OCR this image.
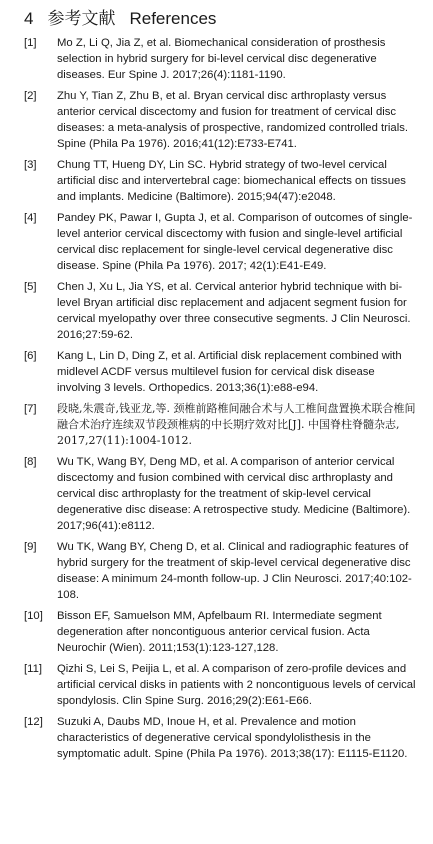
4 参考文献 References
[1]	Mo Z, Li Q, Jia Z, et al. Biomechanical consideration of prosthesis selection in hybrid surgery for bi-level cervical disc degenerative diseases. Eur Spine J. 2017;26(4):1181-1190.
[2]	Zhu Y, Tian Z, Zhu B, et al. Bryan cervical disc arthroplasty versus anterior cervical discectomy and fusion for treatment of cervical disc diseases: a meta-analysis of prospective, randomized controlled trials. Spine (Phila Pa 1976). 2016;41(12):E733-E741.
[3]	Chung TT, Hueng DY, Lin SC. Hybrid strategy of two-level cervical artificial disc and intervertebral cage: biomechanical effects on tissues and implants. Medicine (Baltimore). 2015;94(47):e2048.
[4]	Pandey PK, Pawar I, Gupta J, et al. Comparison of outcomes of single-level anterior cervical discectomy with fusion and single-level artificial cervical disc replacement for single-level cervical degenerative disc disease. Spine (Phila Pa 1976). 2017; 42(1):E41-E49.
[5]	Chen J, Xu L, Jia YS, et al. Cervical anterior hybrid technique with bi-level Bryan artificial disc replacement and adjacent segment fusion for cervical myelopathy over three consecutive segments. J Clin Neurosci. 2016;27:59-62.
[6]	Kang L, Lin D, Ding Z, et al. Artificial disk replacement combined with midlevel ACDF versus multilevel fusion for cervical disk disease involving 3 levels. Orthopedics. 2013;36(1):e88-e94.
[7]	段晓,朱震奇,钱亚龙,等. 颈椎前路椎间融合术与人工椎间盘置换术联合椎间融合术治疗连续双节段颈椎病的中长期疗效对比[J]. 中国脊柱脊髓杂志, 2017,27(11):1004-1012.
[8]	Wu TK, Wang BY, Deng MD, et al. A comparison of anterior cervical discectomy and fusion combined with cervical disc arthroplasty and cervical disc arthroplasty for the treatment of skip-level cervical degenerative disc disease: A retrospective study. Medicine (Baltimore). 2017;96(41):e8112.
[9]	Wu TK, Wang BY, Cheng D, et al. Clinical and radiographic features of hybrid surgery for the treatment of skip-level cervical degenerative disc disease: A minimum 24-month follow-up. J Clin Neurosci. 2017;40:102-108.
[10]	Bisson EF, Samuelson MM, Apfelbaum RI. Intermediate segment degeneration after noncontiguous anterior cervical fusion. Acta Neurochir (Wien). 2011;153(1):123-127,128.
[11]	Qizhi S, Lei S, Peijia L, et al. A comparison of zero-profile devices and artificial cervical disks in patients with 2 noncontiguous levels of cervical spondylosis. Clin Spine Surg. 2016;29(2):E61-E66.
[12]	Suzuki A, Daubs MD, Inoue H, et al. Prevalence and motion characteristics of degenerative cervical spondylolisthesis in the symptomatic adult. Spine (Phila Pa 1976). 2013;38(17): E1115-E1120.
